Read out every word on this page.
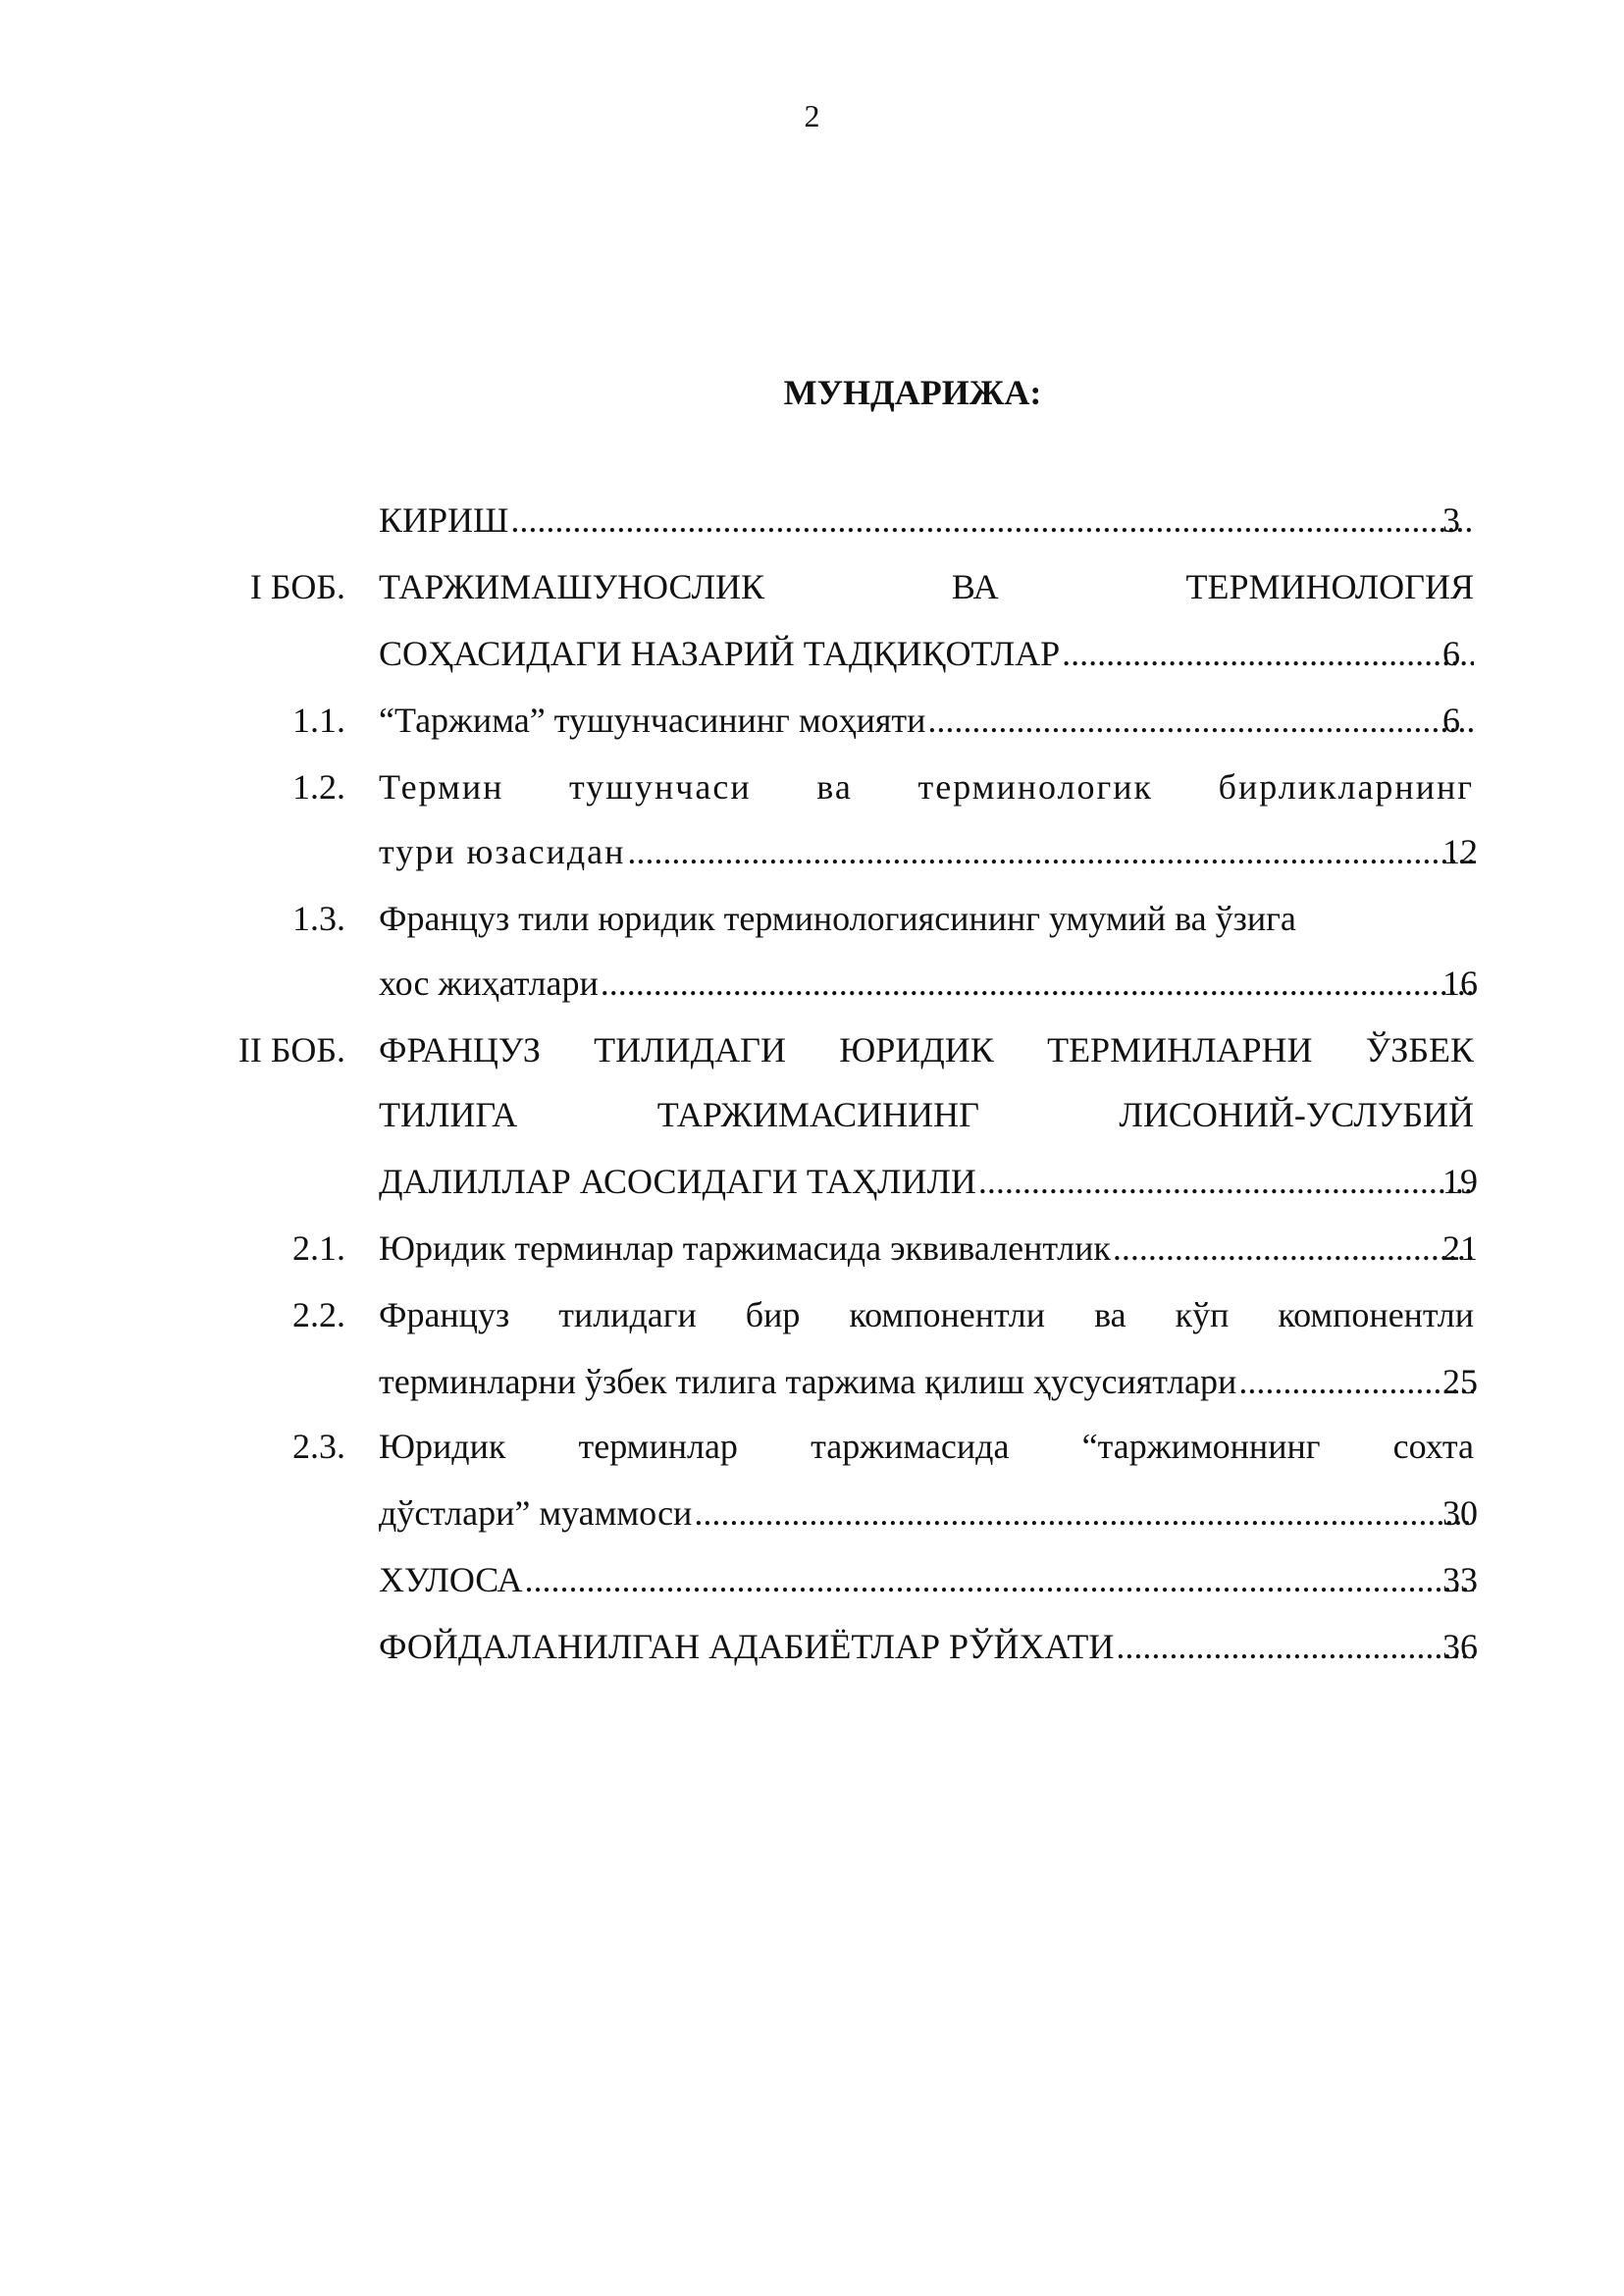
2
МУНДАРИЖА:
КИРИШ .....	3
I БОБ. ТАРЖИМАШУНОСЛИК ВА ТЕРМИНОЛОГИЯ
СОҲАСИДАГИ НАЗАРИЙ ТАДҚИҚОТЛАР .....	6
1.1. “Таржима” тушунчасининг моҳияти .....	6
1.2. Термин тушунчаси ва терминологик бирликларнинг
тури юзасидан .....	12
1.3. Француз тили юридик терминологиясининг умумий ва ўзига
хос жиҳатлари .....	16
II БОБ. ФРАНЦУЗ ТИЛИДАГИ ЮРИДИК ТЕРМИНЛАРНИ ЎЗБЕК
ТИЛИГА ТАРЖИМАСИНИНГ ЛИСОНИЙ-УСЛУБИЙ
ДАЛИЛЛАР АСОСИДАГИ ТАҲЛИЛИ .....	19
2.1. Юридик терминлар таржимасида эквивалентлик .....	21
2.2. Француз тилидаги бир компонентли ва кўп компонентли
терминларни ўзбек тилига таржима қилиш ҳусусиятлари .....	25
2.3. Юридик терминлар таржимасида “таржимоннинг сохта
дўстлари” муаммоси .....	30
ХУЛОСА .....	33
ФОЙДАЛАНИЛГАН АДАБИЁТЛАР РЎЙХАТИ .....	36
